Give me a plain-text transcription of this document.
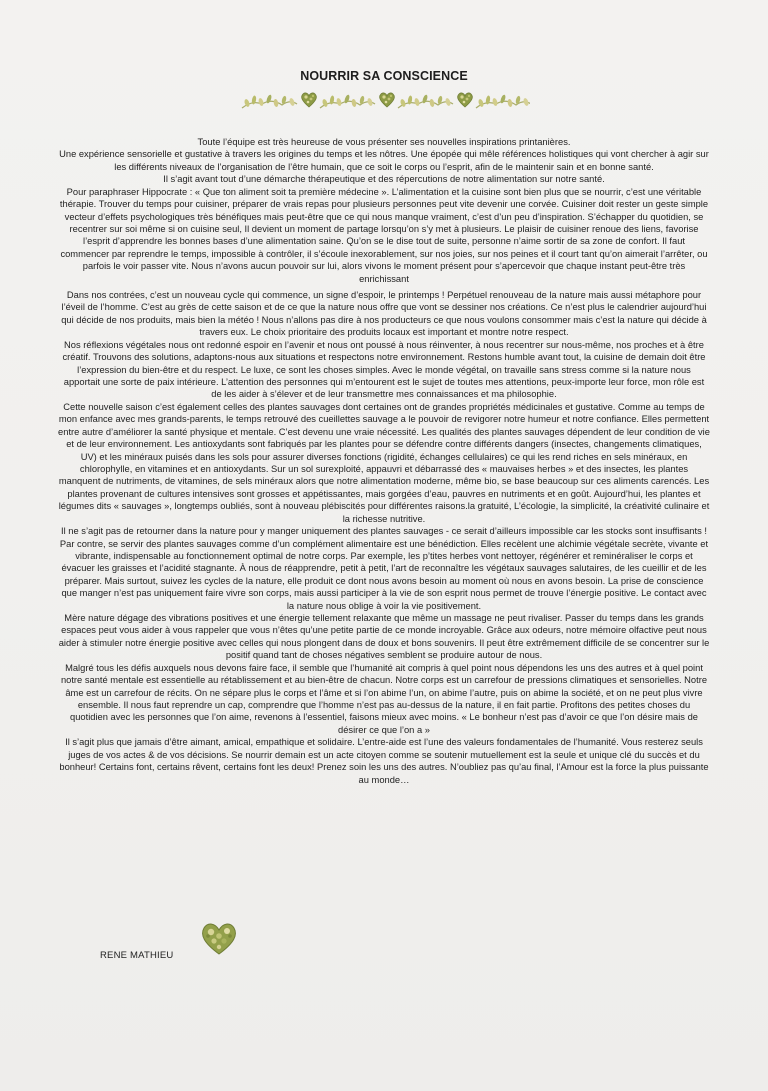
NOURRIR SA CONSCIENCE

Toute l’équipe est très heureuse de vous présenter ses nouvelles inspirations printanières.

Une expérience sensorielle et gustative à travers les origines du temps et les nôtres. Une épopée qui mêle références holistiques qui vont chercher à agir sur les différents niveaux de l’organisation de l’être humain, que ce soit le corps ou l’esprit, afin de le maintenir sain et en bonne santé.

Il s’agit avant tout d’une démarche thérapeutique et des répercutions de notre alimentation sur notre santé.

Pour paraphraser Hippocrate : « Que ton aliment soit ta première médecine ». L’alimentation et la cuisine sont bien plus que se nourrir, c’est une véritable thérapie. Trouver du temps pour cuisiner, préparer de vrais repas pour plusieurs personnes peut vite devenir une corvée. Cuisiner doit rester un geste simple vecteur d’effets psychologiques très bénéfiques mais peut-être que ce qui nous manque vraiment, c’est d’un peu d’inspiration. S’échapper du quotidien, se recentrer sur soi même si on cuisine seul, Il devient un moment de partage lorsqu’on s’y met à plusieurs. Le plaisir de cuisiner renoue des liens, favorise l’esprit d’apprendre les bonnes bases d’une alimentation saine. Qu’on se le dise tout de suite, personne n’aime sortir de sa zone de confort. Il faut commencer par reprendre le temps, impossible à contrôler, il s’écoule inexorablement, sur nos joies, sur nos peines et il court tant qu’on aimerait l’arrêter, ou parfois le voir passer vite. Nous n’avons aucun pouvoir sur lui, alors vivons le moment présent pour s’apercevoir que chaque instant peut-être très enrichissant

Dans nos contrées, c’est un nouveau cycle qui commence, un signe d’espoir, le printemps ! Perpétuel renouveau de la nature mais aussi métaphore pour l’éveil de l’homme. C’est au grès de cette saison et de ce que la nature nous offre que vont se dessiner nos créations. Ce n’est plus le calendrier aujourd’hui qui décide de nos produits, mais bien la météo ! Nous n’allons pas dire à nos producteurs ce que nous voulons consommer mais c’est la nature qui décide à travers eux. Le choix prioritaire des produits locaux est important et montre notre respect.

Nos réflexions végétales nous ont redonné espoir en l’avenir et nous ont poussé à nous réinventer, à nous recentrer sur nous-même, nos proches et à être créatif. Trouvons des solutions, adaptons-nous aux situations et respectons notre environnement. Restons humble avant tout, la cuisine de demain doit être l’expression du bien-être et du respect. Le luxe, ce sont les choses simples. Avec le monde végétal, on travaille sans stress comme si la nature nous apportait une sorte de paix intérieure. L’attention des personnes qui m’entourent est le sujet de toutes mes attentions, peux-importe leur force, mon rôle est de les aider à s’élever et de leur transmettre mes connaissances et ma philosophie.

Cette nouvelle saison c’est également celles des plantes sauvages dont certaines ont de grandes propriétés médicinales et gustative. Comme au temps de mon enfance avec mes grands-parents, le temps retrouvé des cueillettes sauvage a le pouvoir de revigorer notre humeur et notre confiance. Elles permettent entre autre d’améliorer la santé physique et mentale. C’est devenu une vraie nécessité. Les qualités des plantes sauvages dépendent de leur condition de vie et de leur environnement. Les antioxydants sont fabriqués par les plantes pour se défendre contre différents dangers (insectes, changements climatiques, UV) et les minéraux puisés dans les sols pour assurer diverses fonctions (rigidité, échanges cellulaires) ce qui les rend riches en sels minéraux, en chlorophylle, en vitamines et en antioxydants. Sur un sol surexploité, appauvri et débarrassé des « mauvaises herbes » et des insectes, les plantes manquent de nutriments, de vitamines, de sels minéraux alors que notre alimentation moderne, même bio, se base beaucoup sur ces aliments carencés. Les plantes provenant de cultures intensives sont grosses et appétissantes, mais gorgées d’eau, pauvres en nutriments et en goût. Aujourd’hui, les plantes et légumes dits « sauvages », longtemps oubliés, sont à nouveau plébiscités pour différentes raisons.la gratuité, L’écologie, la simplicité, la créativité culinaire et la richesse nutritive.

Il ne s’agit pas de retourner dans la nature pour y manger uniquement des plantes sauvages - ce serait d’ailleurs impossible car les stocks sont insuffisants ! Par contre, se servir des plantes sauvages comme d’un complément alimentaire est une bénédiction. Elles recèlent une alchimie végétale secrète, vivante et vibrante, indispensable au fonctionnement optimal de notre corps. Par exemple, les p’tites herbes vont nettoyer, régénérer et reminéraliser le corps et évacuer les graisses et l’acidité stagnante. À nous de réapprendre, petit à petit, l’art de reconnaître les végétaux sauvages salutaires, de les cueillir et de les préparer. Mais surtout, suivez les cycles de la nature, elle produit ce dont nous avons besoin au moment où nous en avons besoin. La prise de conscience que manger n’est pas uniquement faire vivre son corps, mais aussi participer à la vie de son esprit nous permet de trouve l’énergie positive. Le contact avec la nature nous oblige à voir la vie positivement.

Mère nature dégage des vibrations positives et une énergie tellement relaxante que même un massage ne peut rivaliser. Passer du temps dans les grands espaces peut vous aider à vous rappeler que vous n’êtes qu’une petite partie de ce monde incroyable. Grâce aux odeurs, notre mémoire olfactive peut nous aider à stimuler notre énergie positive avec celles qui nous plongent dans de doux et bons souvenirs. Il peut être extrêmement difficile de se concentrer sur le positif quand tant de choses négatives semblent se produire autour de nous.

Malgré tous les défis auxquels nous devons faire face, il semble que l’humanité ait compris à quel point nous dépendons les uns des autres et à quel point notre santé mentale est essentielle au rétablissement et au bien-être de chacun. Notre corps est un carrefour de pressions climatiques et sensorielles. Notre âme est un carrefour de récits. On ne sépare plus le corps et l’âme et si l’on abime l’un, on abime l’autre, puis on abime la société, et on ne peut plus vivre ensemble. Il nous faut reprendre un cap, comprendre que l’homme n’est pas au-dessus de la nature, il en fait partie. Profitons des petites choses du quotidien avec les personnes que l’on aime, revenons à l’essentiel, faisons mieux avec moins. « Le bonheur n’est pas d’avoir ce que l’on désire mais de désirer ce que l’on a »

Il s’agit plus que jamais d’être aimant, amical, empathique et solidaire. L’entre-aide est l’une des valeurs fondamentales de l’humanité. Vous resterez seuls juges de vos actes & de vos décisions. Se nourrir demain est un acte citoyen comme se soutenir mutuellement est la seule et unique clé du succès et du bonheur! Certains font, certains rêvent, certains font les deux! Prenez soin les uns des autres. N’oubliez pas qu’au final, l’Amour est la force la plus puissante au monde…

RENE MATHIEU
